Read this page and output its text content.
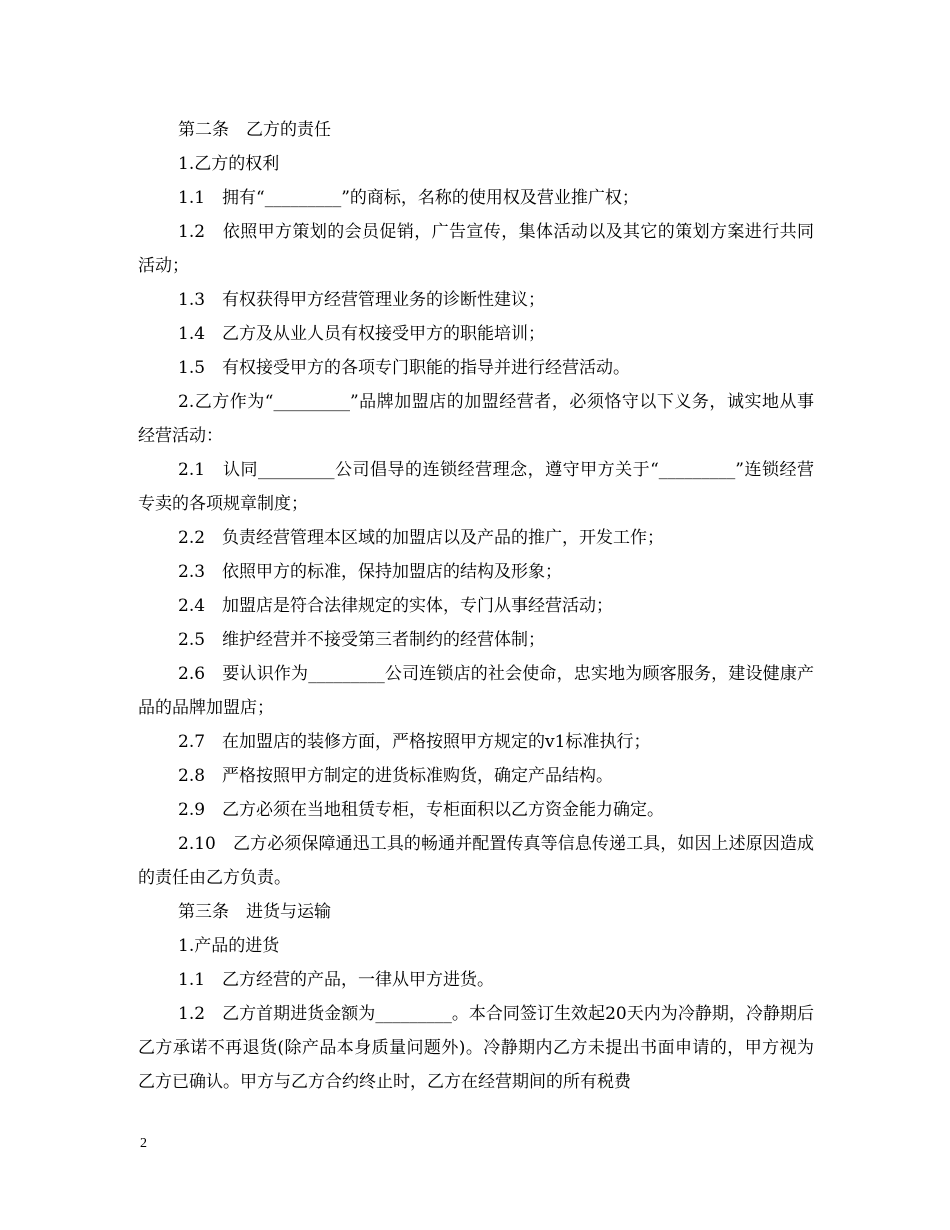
第二条　乙方的责任

1.乙方的权利

1.1　拥有“_________”的商标，名称的使用权及营业推广权；

1.2　依照甲方策划的会员促销，广告宣传，集体活动以及其它的策划方案进行共同活动；

1.3　有权获得甲方经营管理业务的诊断性建议；

1.4　乙方及从业人员有权接受甲方的职能培训；

1.5　有权接受甲方的各项专门职能的指导并进行经营活动。

2.乙方作为“_________”品牌加盟店的加盟经营者，必须恪守以下义务，诚实地从事经营活动：

2.1　认同_________公司倡导的连锁经营理念，遵守甲方关于“_________”连锁经营专卖的各项规章制度；

2.2　负责经营管理本区域的加盟店以及产品的推广，开发工作；

2.3　依照甲方的标准，保持加盟店的结构及形象；

2.4　加盟店是符合法律规定的实体，专门从事经营活动；

2.5　维护经营并不接受第三者制约的经营体制；

2.6　要认识作为_________公司连锁店的社会使命，忠实地为顾客服务，建设健康产品的品牌加盟店；

2.7　在加盟店的装修方面，严格按照甲方规定的v1标准执行；

2.8　严格按照甲方制定的进货标准购货，确定产品结构。

2.9　乙方必须在当地租赁专柜，专柜面积以乙方资金能力确定。

2.10　乙方必须保障通迅工具的畅通并配置传真等信息传递工具，如因上述原因造成的责任由乙方负责。

第三条　进货与运输

1.产品的进货

1.1　乙方经营的产品，一律从甲方进货。

1.2　乙方首期进货金额为_________。本合同签订生效起20天内为冷静期，冷静期后乙方承诺不再退货(除产品本身质量问题外)。冷静期内乙方未提出书面申请的，甲方视为乙方已确认。甲方与乙方合约终止时，乙方在经营期间的所有税费

2
